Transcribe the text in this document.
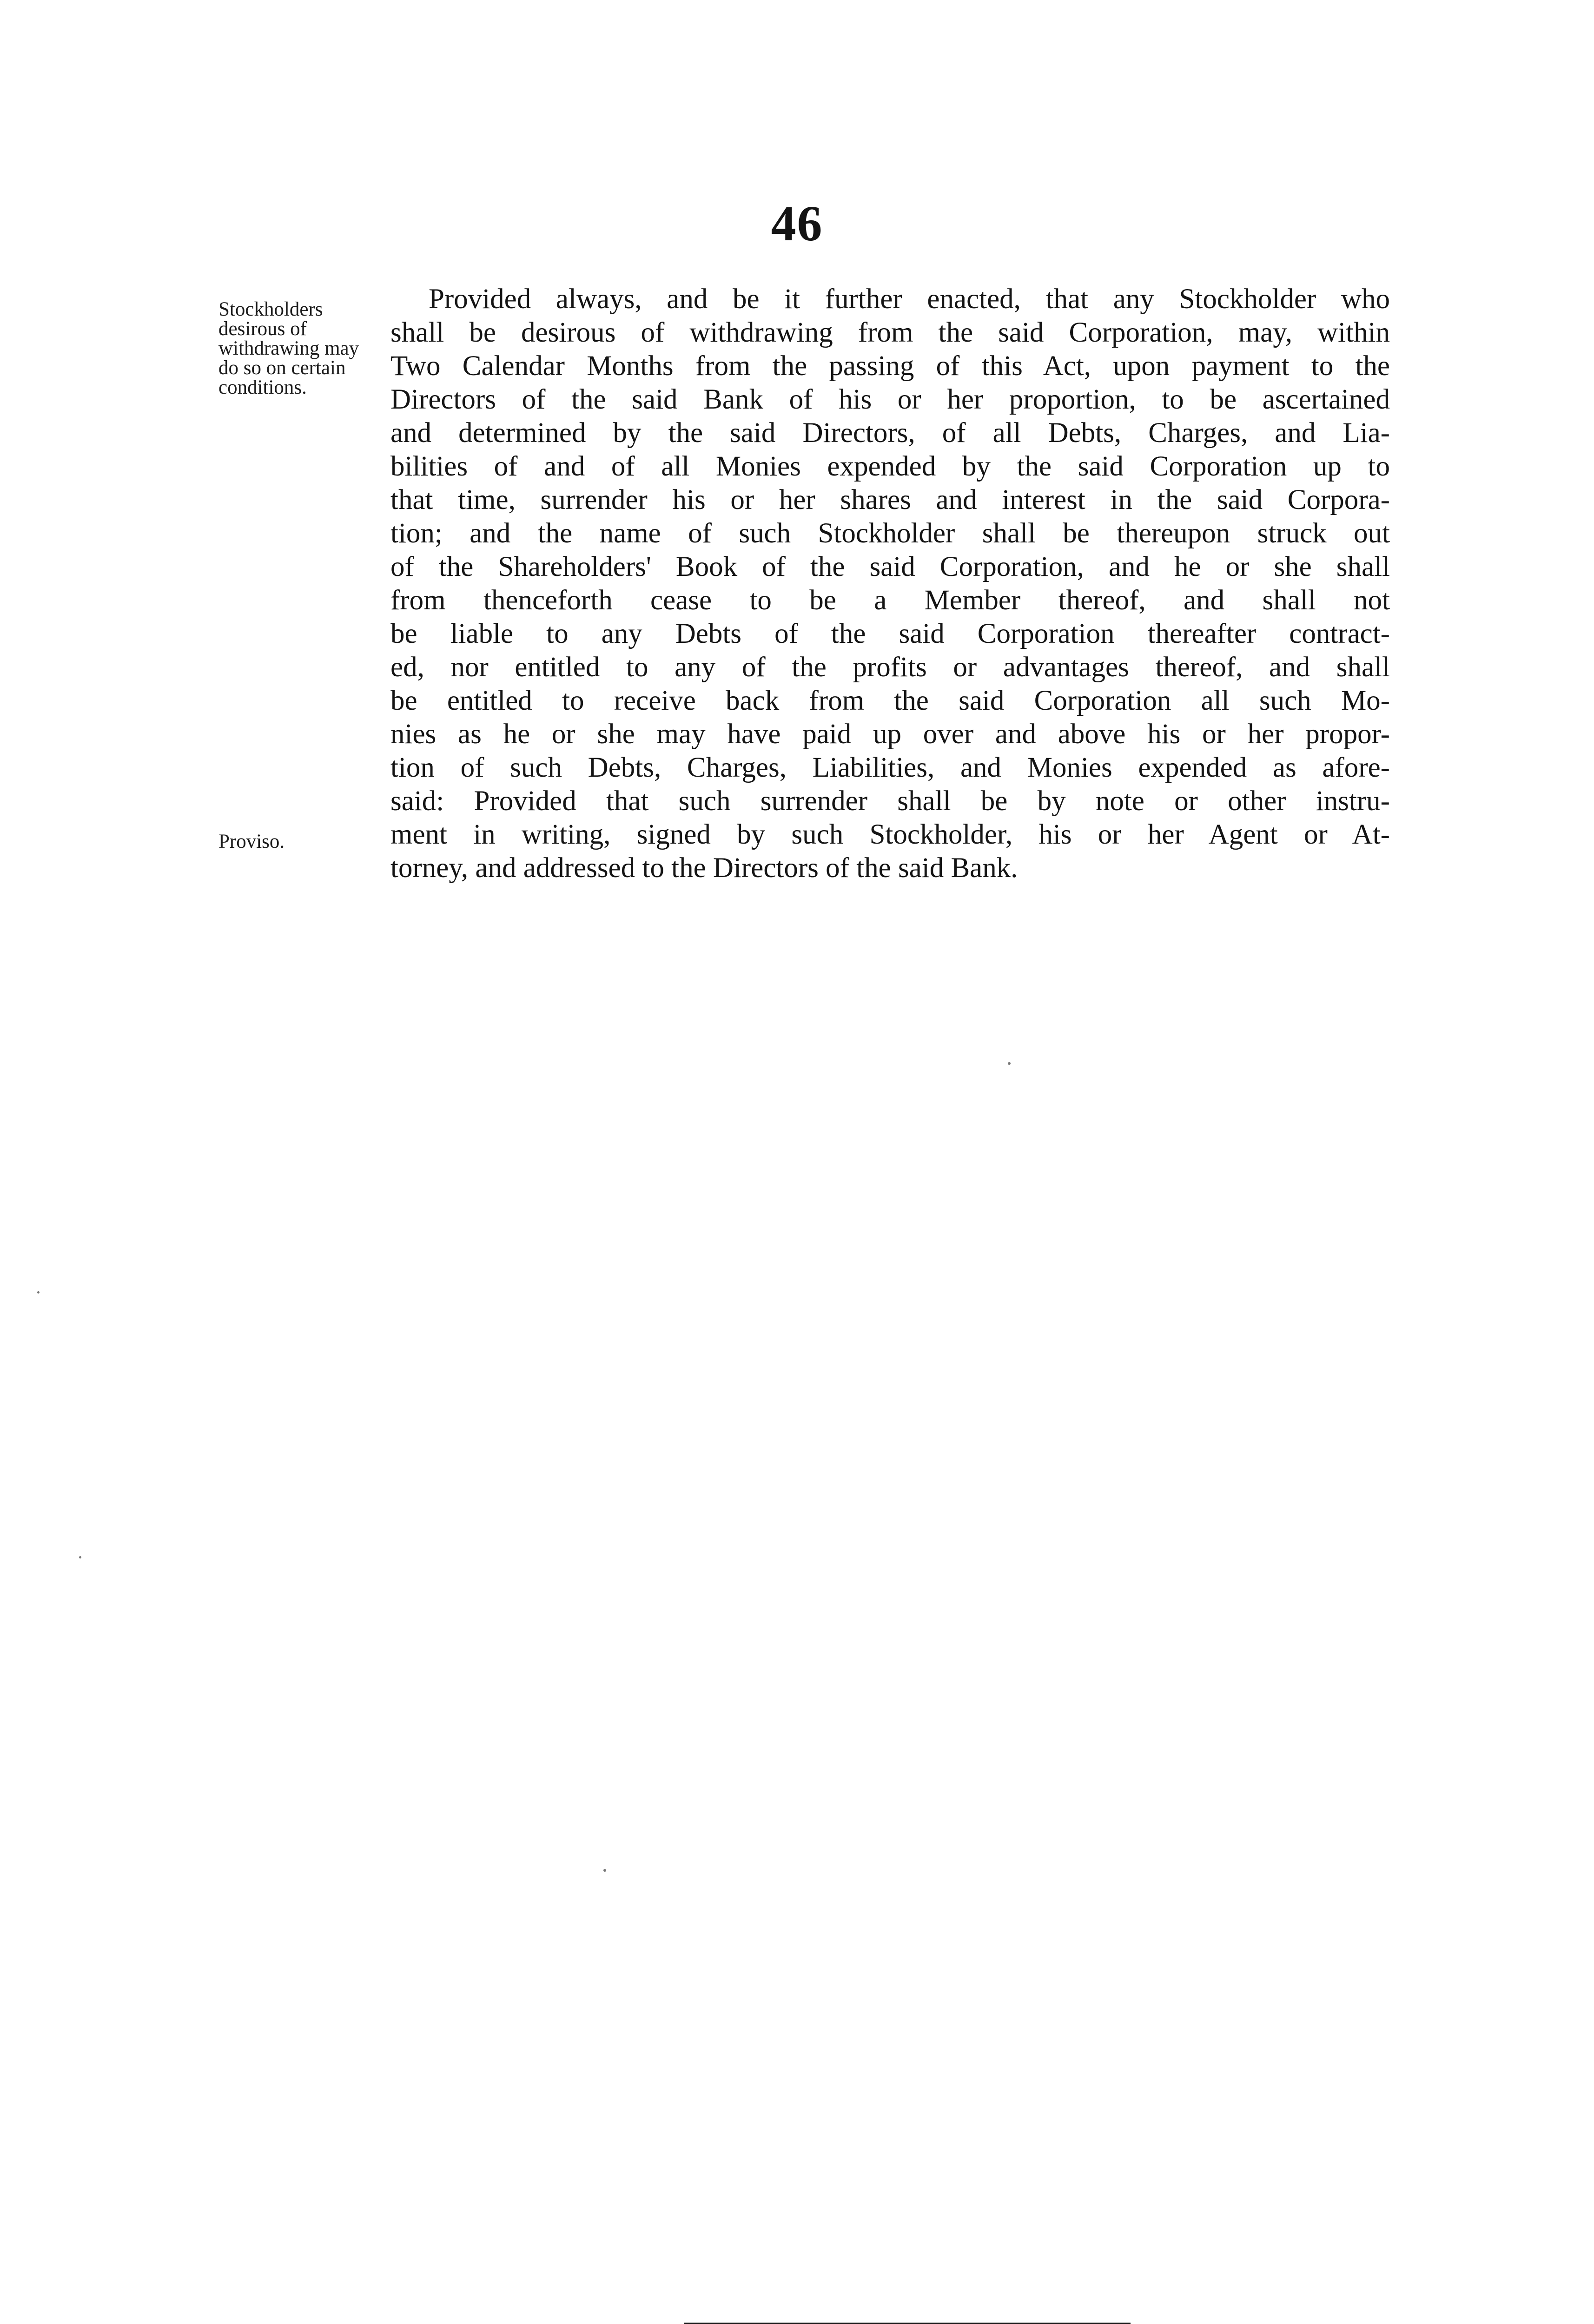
46
Stockholders
desirous of
withdrawing may
do so on certain
conditions.
Proviso.
Provided always, and be it further enacted, that any Stockholder who
shall be desirous of withdrawing from the said Corporation, may, within
Two Calendar Months from the passing of this Act, upon payment to the
Directors of the said Bank of his or her proportion, to be ascertained
and determined by the said Directors, of all Debts, Charges, and Lia-
bilities of and of all Monies expended by the said Corporation up to
that time, surrender his or her shares and interest in the said Corpora-
tion; and the name of such Stockholder shall be thereupon struck out
of the Shareholders' Book of the said Corporation, and he or she shall
from thenceforth cease to be a Member thereof, and shall not
be liable to any Debts of the said Corporation thereafter contract-
ed, nor entitled to any of the profits or advantages thereof, and shall
be entitled to receive back from the said Corporation all such Mo-
nies as he or she may have paid up over and above his or her propor-
tion of such Debts, Charges, Liabilities, and Monies expended as afore-
said: Provided that such surrender shall be by note or other instru-
ment in writing, signed by such Stockholder, his or her Agent or At-
torney, and addressed to the Directors of the said Bank.
